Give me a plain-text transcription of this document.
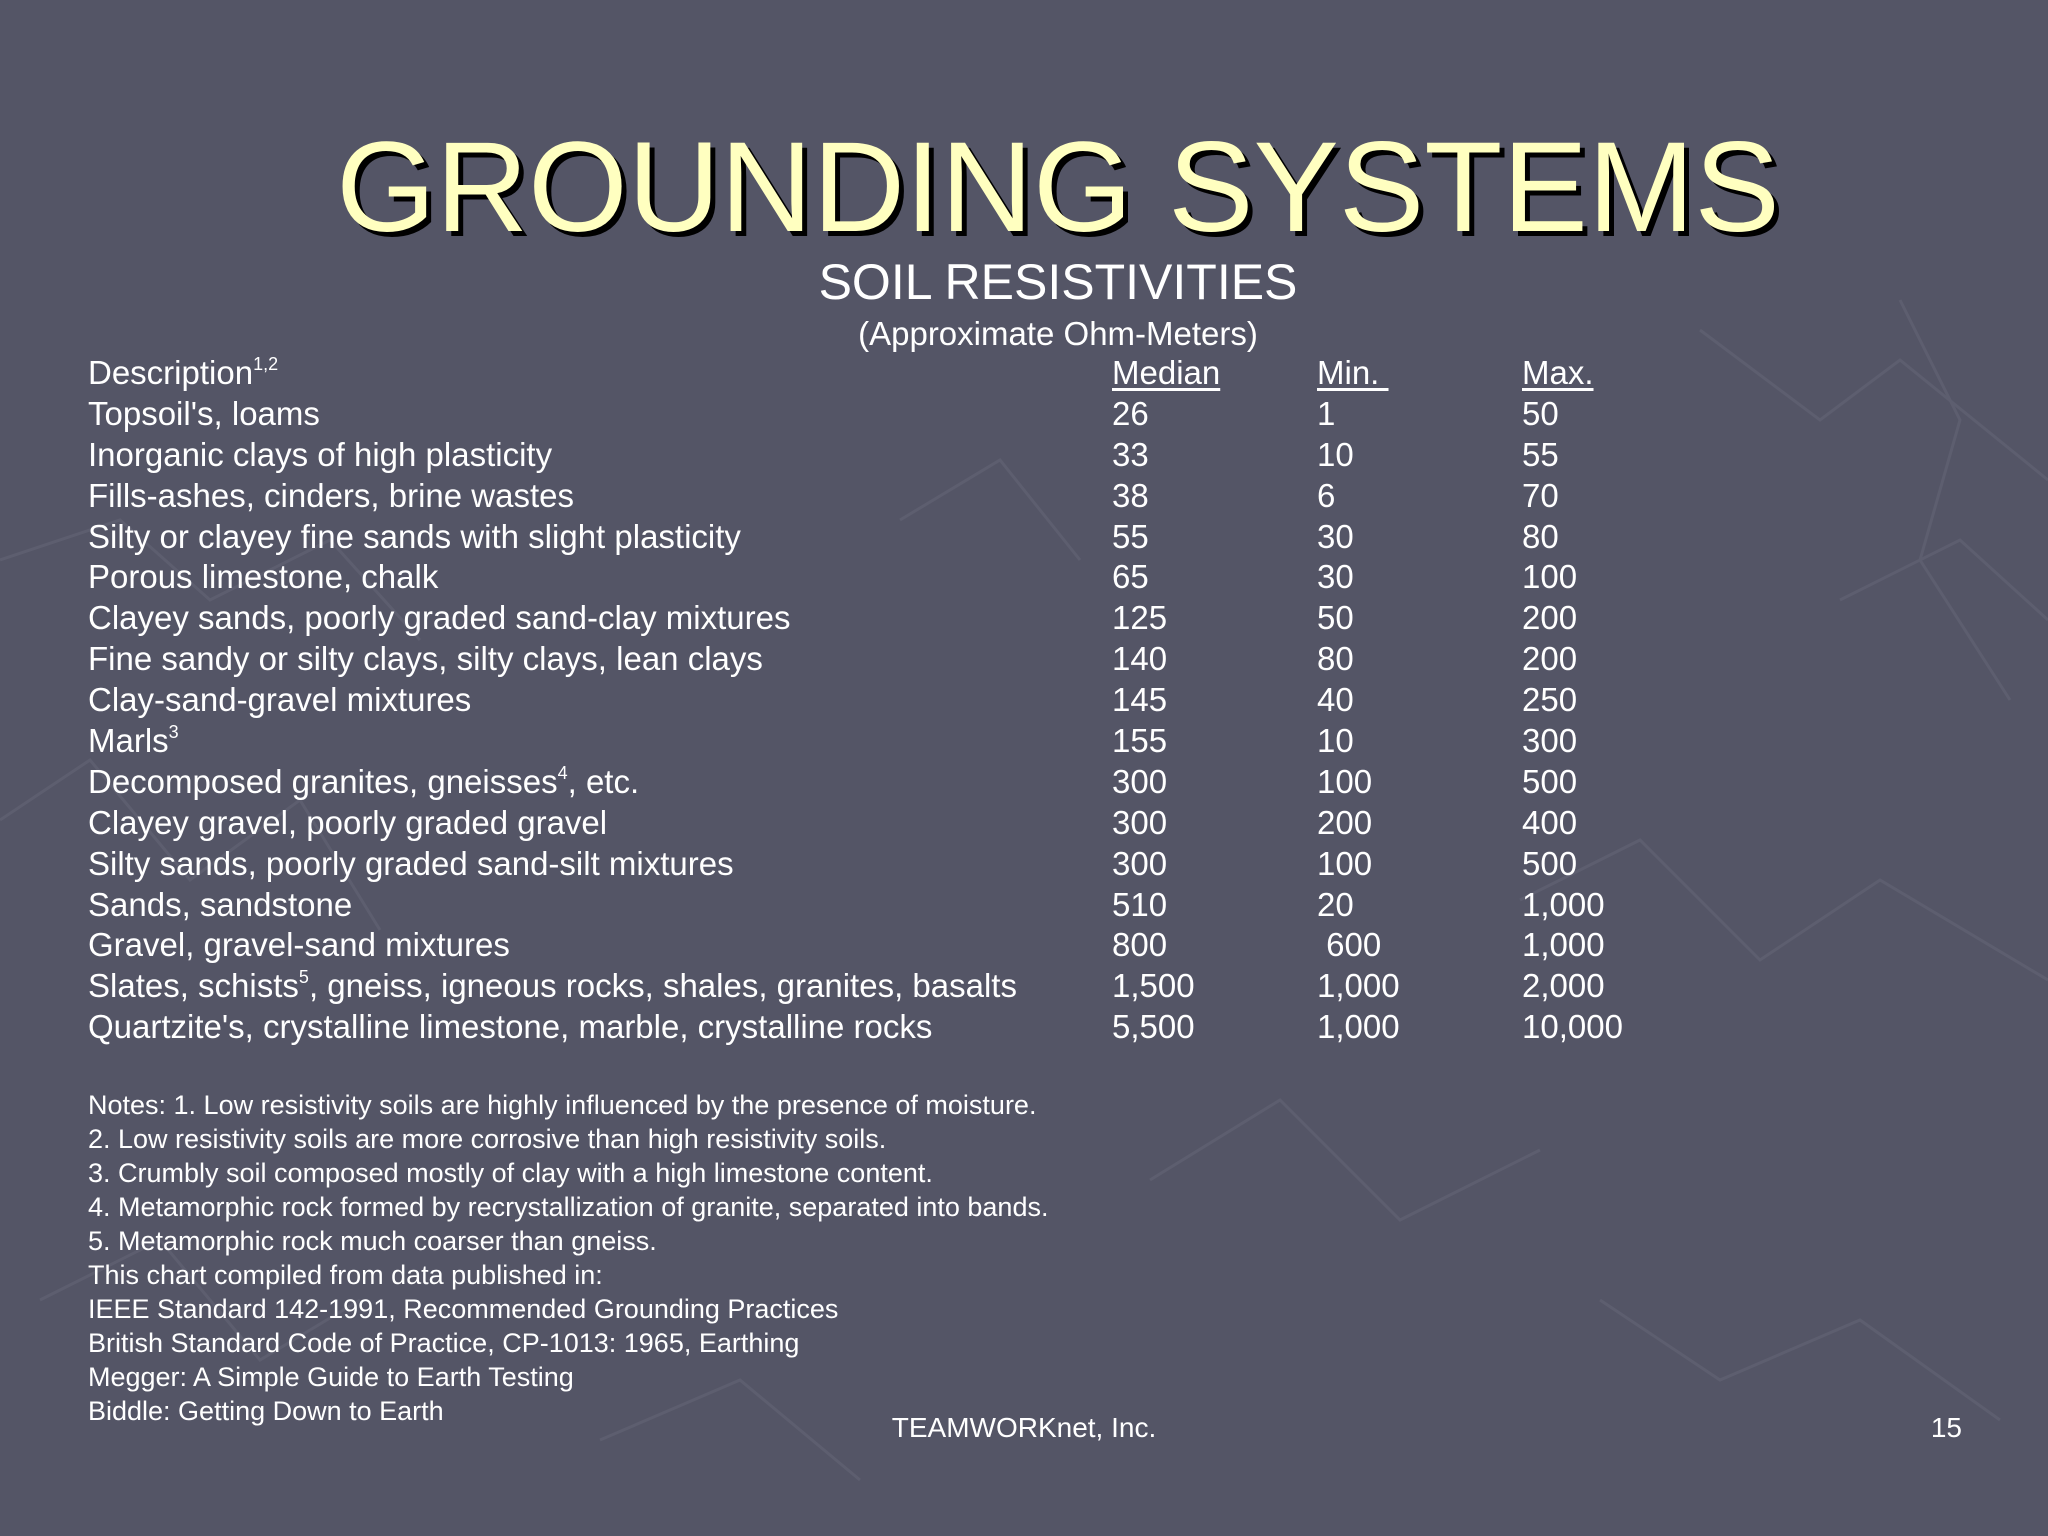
GROUNDING SYSTEMS
SOIL RESISTIVITIES
(Approximate Ohm-Meters)
Description$^{1,2}$	Median	Min.	Max.
Topsoil's, loams	26	1	50
Inorganic clays of high plasticity	33	10	55
Fills-ashes, cinders, brine wastes	38	6	70
Silty or clayey fine sands with slight plasticity	55	30	80
Porous limestone, chalk	65	30	100
Clayey sands, poorly graded sand-clay mixtures	125	50	200
Fine sandy or silty clays, silty clays, lean clays	140	80	200
Clay-sand-gravel mixtures	145	40	250
Marls$^3$	155	10	300
Decomposed granites, gneisses$^4$, etc.	300	100	500
Clayey gravel, poorly graded gravel	300	200	400
Silty sands, poorly graded sand-silt mixtures	300	100	500
Sands, sandstone	510	20	1,000
Gravel, gravel-sand mixtures	800	600	1,000
Slates, schists$^5$, gneiss, igneous rocks, shales, granites, basalts	1,500	1,000	2,000
Quartzite's, crystalline limestone, marble, crystalline rocks	5,500	1,000	10,000
Notes: 1. Low resistivity soils are highly influenced by the presence of moisture.
2. Low resistivity soils are more corrosive than high resistivity soils.
3. Crumbly soil composed mostly of clay with a high limestone content.
4. Metamorphic rock formed by recrystallization of granite, separated into bands.
5. Metamorphic rock much coarser than gneiss.
This chart compiled from data published in:
IEEE Standard 142-1991, Recommended Grounding Practices
British Standard Code of Practice, CP-1013: 1965, Earthing
Megger: A Simple Guide to Earth Testing
Biddle: Getting Down to Earth
TEAMWORKnet, Inc.	15
